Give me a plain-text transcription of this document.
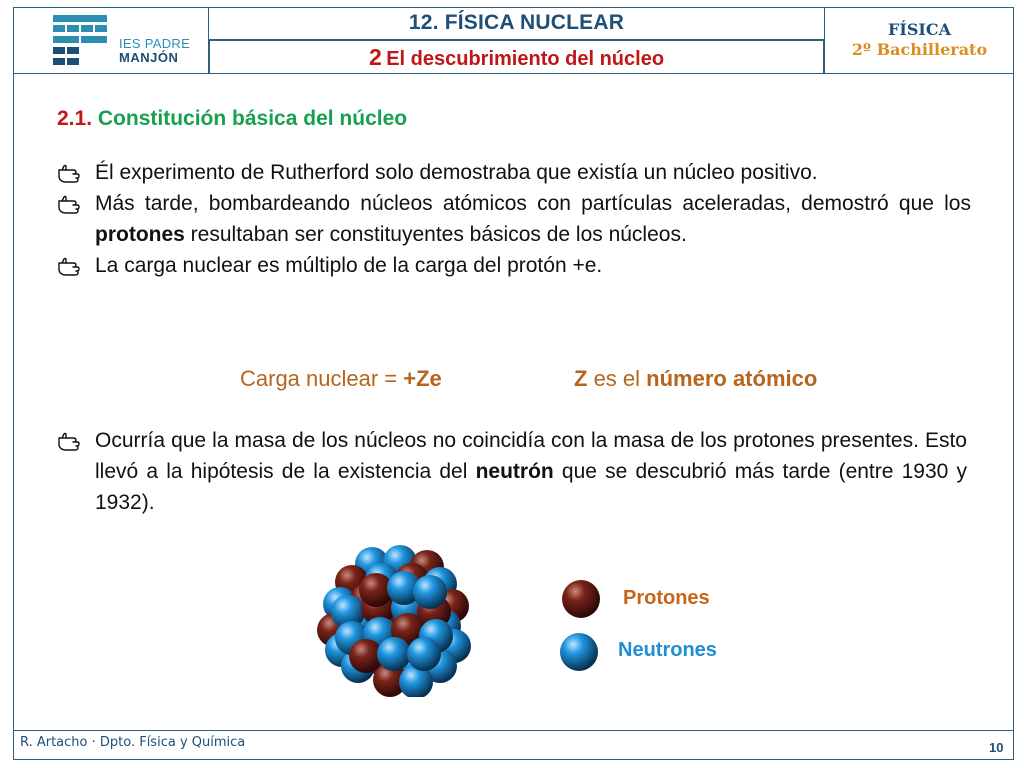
IES PADRE
MANJÓN
12. FÍSICA NUCLEAR
2 El descubrimiento del núcleo
FÍSICA
2º Bachillerato
2.1. Constitución básica del núcleo
Él experimento de Rutherford solo demostraba que existía un núcleo positivo.
Más tarde, bombardeando núcleos atómicos con partículas aceleradas, demostró que los protones resultaban ser constituyentes básicos de los núcleos.
La carga nuclear es múltiplo de la carga del protón +e.
Carga nuclear = +Ze	Z es el número atómico
Ocurría que la masa de los núcleos no coincidía con la masa de los protones presentes. Esto llevó a la hipótesis de la existencia del neutrón que se descubrió más tarde (entre 1930 y 1932).
Protones
Neutrones
R. Artacho · Dpto. Física y Química	10
